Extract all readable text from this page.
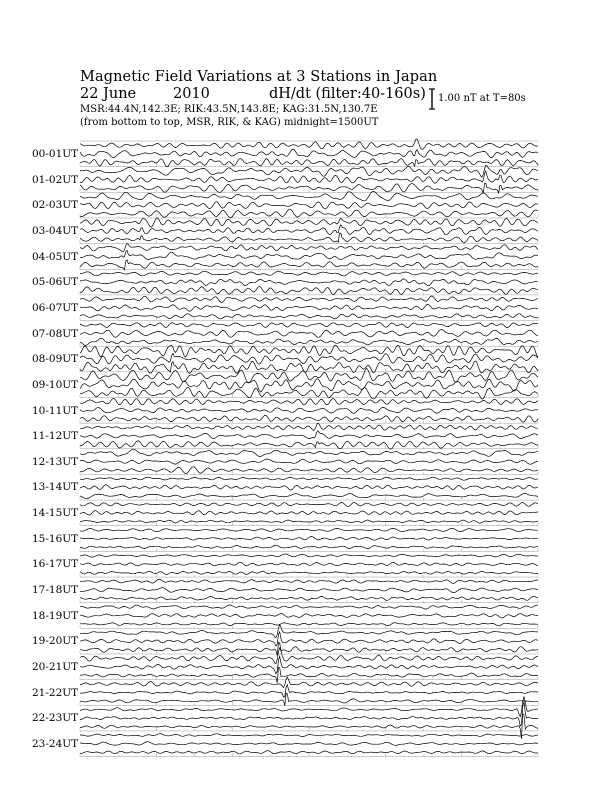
Magnetic Field Variations at 3 Stations in Japan
22 June	2010	dH/dt (filter:40-160s)
MSR:44.4N,142.3E; RIK:43.5N,143.8E; KAG:31.5N,130.7E
(from bottom to top, MSR, RIK, & KAG) midnight=1500UT
1.00 nT at T=80s
00-01UT
01-02UT
02-03UT
03-04UT
04-05UT
05-06UT
06-07UT
07-08UT
08-09UT
09-10UT
10-11UT
11-12UT
12-13UT
13-14UT
14-15UT
15-16UT
16-17UT
17-18UT
18-19UT
19-20UT
20-21UT
21-22UT
22-23UT
23-24UT
